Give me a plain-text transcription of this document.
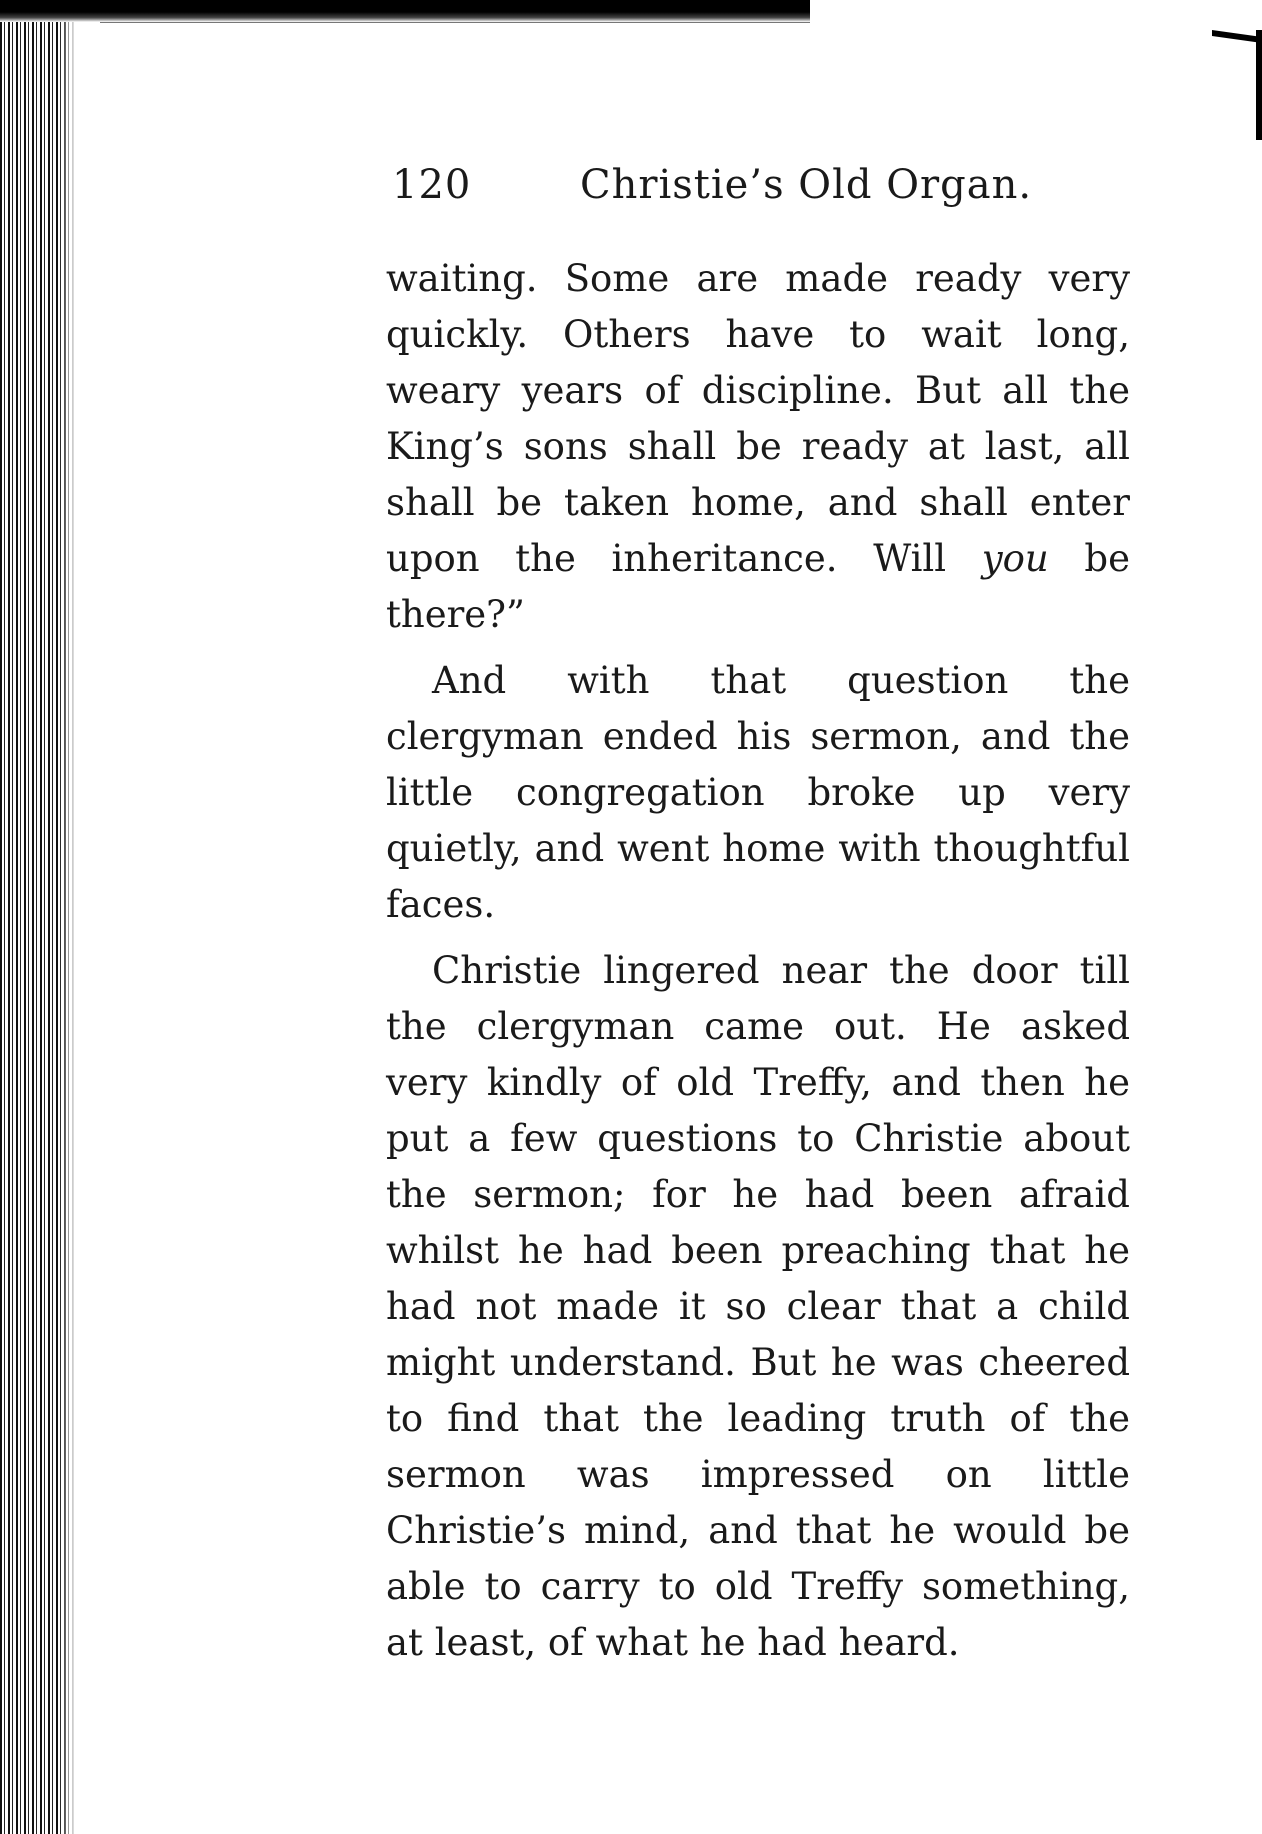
120	Christie’s Old Organ.

waiting. Some are made ready very quickly. Others have to wait long, weary years of discipline. But all the King’s sons shall be ready at last, all shall be taken home, and shall enter upon the inheritance. Will you be there?”

And with that question the clergyman ended his sermon, and the little congregation broke up very quietly, and went home with thoughtful faces.

Christie lingered near the door till the clergyman came out. He asked very kindly of old Treffy, and then he put a few questions to Christie about the sermon; for he had been afraid whilst he had been preaching that he had not made it so clear that a child might understand. But he was cheered to find that the leading truth of the sermon was impressed on little Christie’s mind, and that he would be able to carry to old Treffy something, at least, of what he had heard.
